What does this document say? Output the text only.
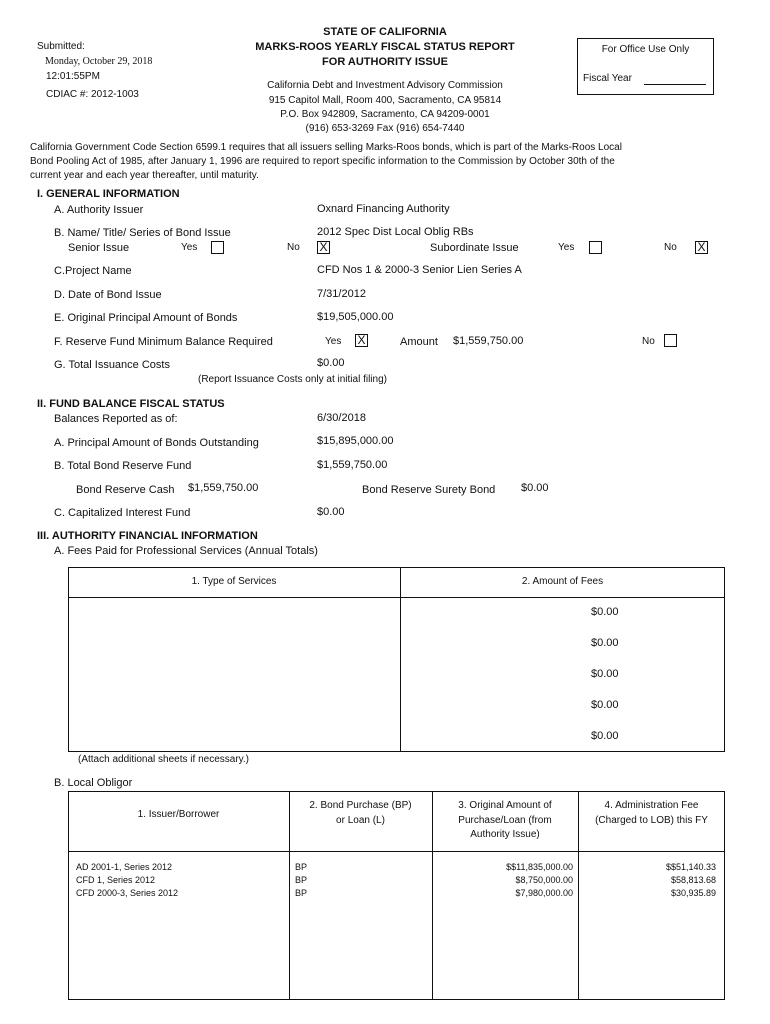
Submitted:
Monday, October 29, 2018
12:01:55PM
CDIAC #: 2012-1003
STATE OF CALIFORNIA
MARKS-ROOS YEARLY FISCAL STATUS REPORT
FOR AUTHORITY ISSUE
California Debt and Investment Advisory Commission
915 Capitol Mall, Room 400, Sacramento, CA 95814
P.O. Box 942809, Sacramento, CA 94209-0001
(916) 653-3269 Fax (916) 654-7440
For Office Use Only
Fiscal Year
California Government Code Section 6599.1 requires that all issuers selling Marks-Roos bonds, which is part of the Marks-Roos Local
Bond Pooling Act of 1985, after January 1, 1996 are required to report specific information to the Commission by October 30th of the
current year and each year thereafter, until maturity.
I. GENERAL INFORMATION
A. Authority Issuer	Oxnard Financing Authority
B. Name/ Title/ Series of Bond Issue	2012 Spec Dist Local Oblig RBs
Senior Issue	Yes	No X	Subordinate Issue	Yes	No X
C.Project Name	CFD Nos 1 & 2000-3 Senior Lien Series A
D. Date of Bond Issue	7/31/2012
E. Original Principal Amount of Bonds	$19,505,000.00
F. Reserve Fund Minimum Balance Required	Yes X	Amount $1,559,750.00	No
G. Total Issuance Costs	$0.00
(Report Issuance Costs only at initial filing)
II. FUND BALANCE FISCAL STATUS
Balances Reported as of:	6/30/2018
A. Principal Amount of Bonds Outstanding	$15,895,000.00
B. Total Bond Reserve Fund	$1,559,750.00
Bond Reserve Cash $1,559,750.00	Bond Reserve Surety Bond $0.00
C. Capitalized Interest Fund	$0.00
III. AUTHORITY FINANCIAL INFORMATION
A. Fees Paid for Professional Services (Annual Totals)
1. Type of Services	2. Amount of Fees
$0.00
$0.00
$0.00
$0.00
$0.00
(Attach additional sheets if necessary.)
B. Local Obligor
1. Issuer/Borrower
2. Bond Purchase (BP)
or Loan (L)
3. Original Amount of
Purchase/Loan (from
Authority Issue)
4. Administration Fee
(Charged to LOB) this FY
AD 2001-1, Series 2012	BP	$$11,835,000.00	$$51,140.33
CFD 1, Series 2012	BP	$8,750,000.00	$58,813.68
CFD 2000-3, Series 2012	BP	$7,980,000.00	$30,935.89
